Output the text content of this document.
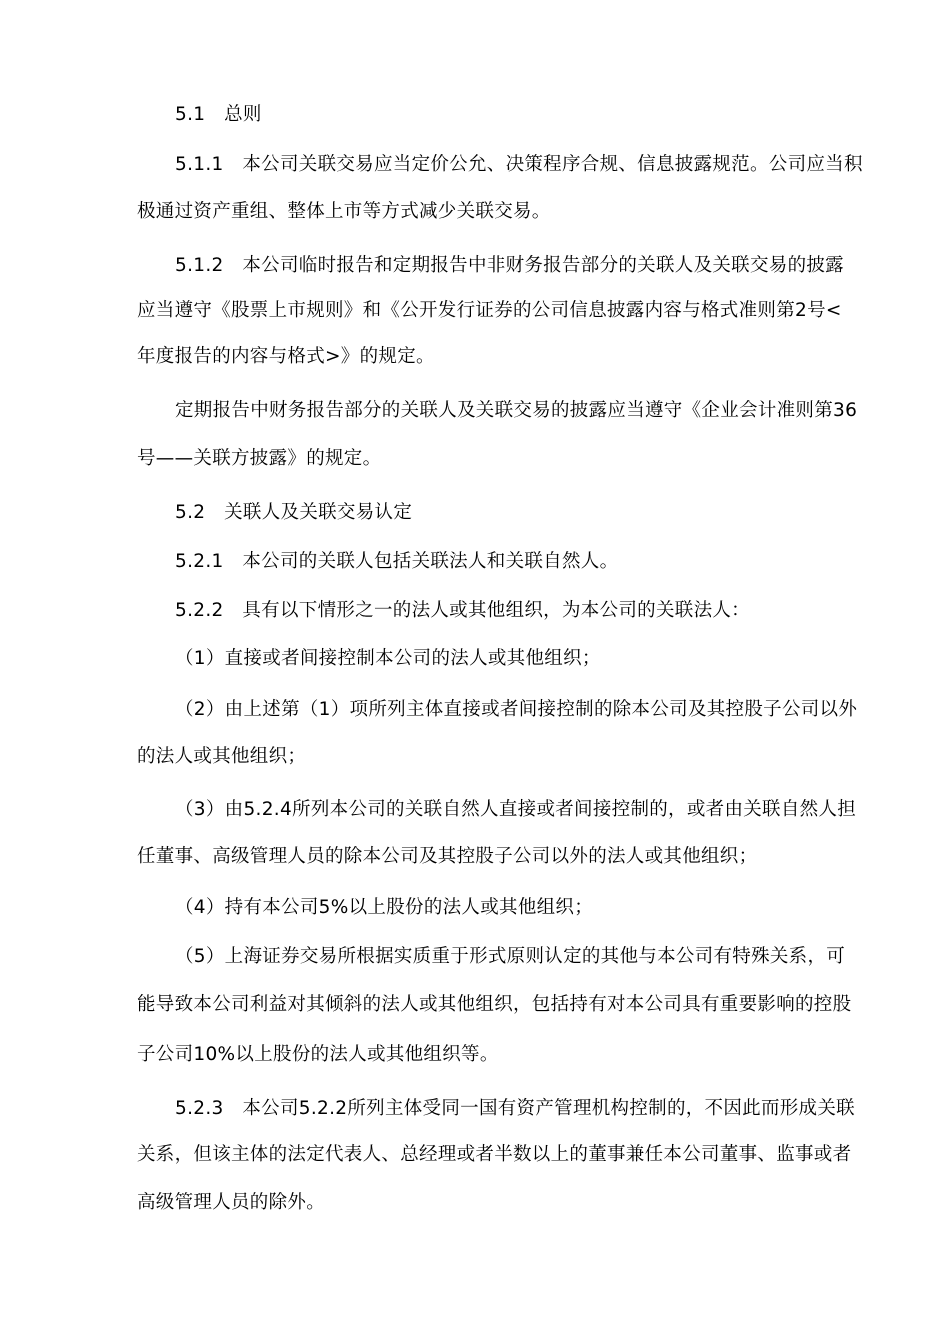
5.1　总则

5.1.1　本公司关联交易应当定价公允、决策程序合规、信息披露规范。公司应当积

极通过资产重组、整体上市等方式减少关联交易。

5.1.2　本公司临时报告和定期报告中非财务报告部分的关联人及关联交易的披露

应当遵守《股票上市规则》和《公开发行证券的公司信息披露内容与格式准则第2号<

年度报告的内容与格式>》的规定。

定期报告中财务报告部分的关联人及关联交易的披露应当遵守《企业会计准则第36

号——关联方披露》的规定。

5.2　关联人及关联交易认定

5.2.1　本公司的关联人包括关联法人和关联自然人。

5.2.2　具有以下情形之一的法人或其他组织，为本公司的关联法人：

（1）直接或者间接控制本公司的法人或其他组织；

（2）由上述第（1）项所列主体直接或者间接控制的除本公司及其控股子公司以外

的法人或其他组织；

（3）由5.2.4所列本公司的关联自然人直接或者间接控制的，或者由关联自然人担

任董事、高级管理人员的除本公司及其控股子公司以外的法人或其他组织；

（4）持有本公司5%以上股份的法人或其他组织；

（5）上海证券交易所根据实质重于形式原则认定的其他与本公司有特殊关系，可

能导致本公司利益对其倾斜的法人或其他组织，包括持有对本公司具有重要影响的控股

子公司10%以上股份的法人或其他组织等。

5.2.3　本公司5.2.2所列主体受同一国有资产管理机构控制的，不因此而形成关联

关系，但该主体的法定代表人、总经理或者半数以上的董事兼任本公司董事、监事或者

高级管理人员的除外。
